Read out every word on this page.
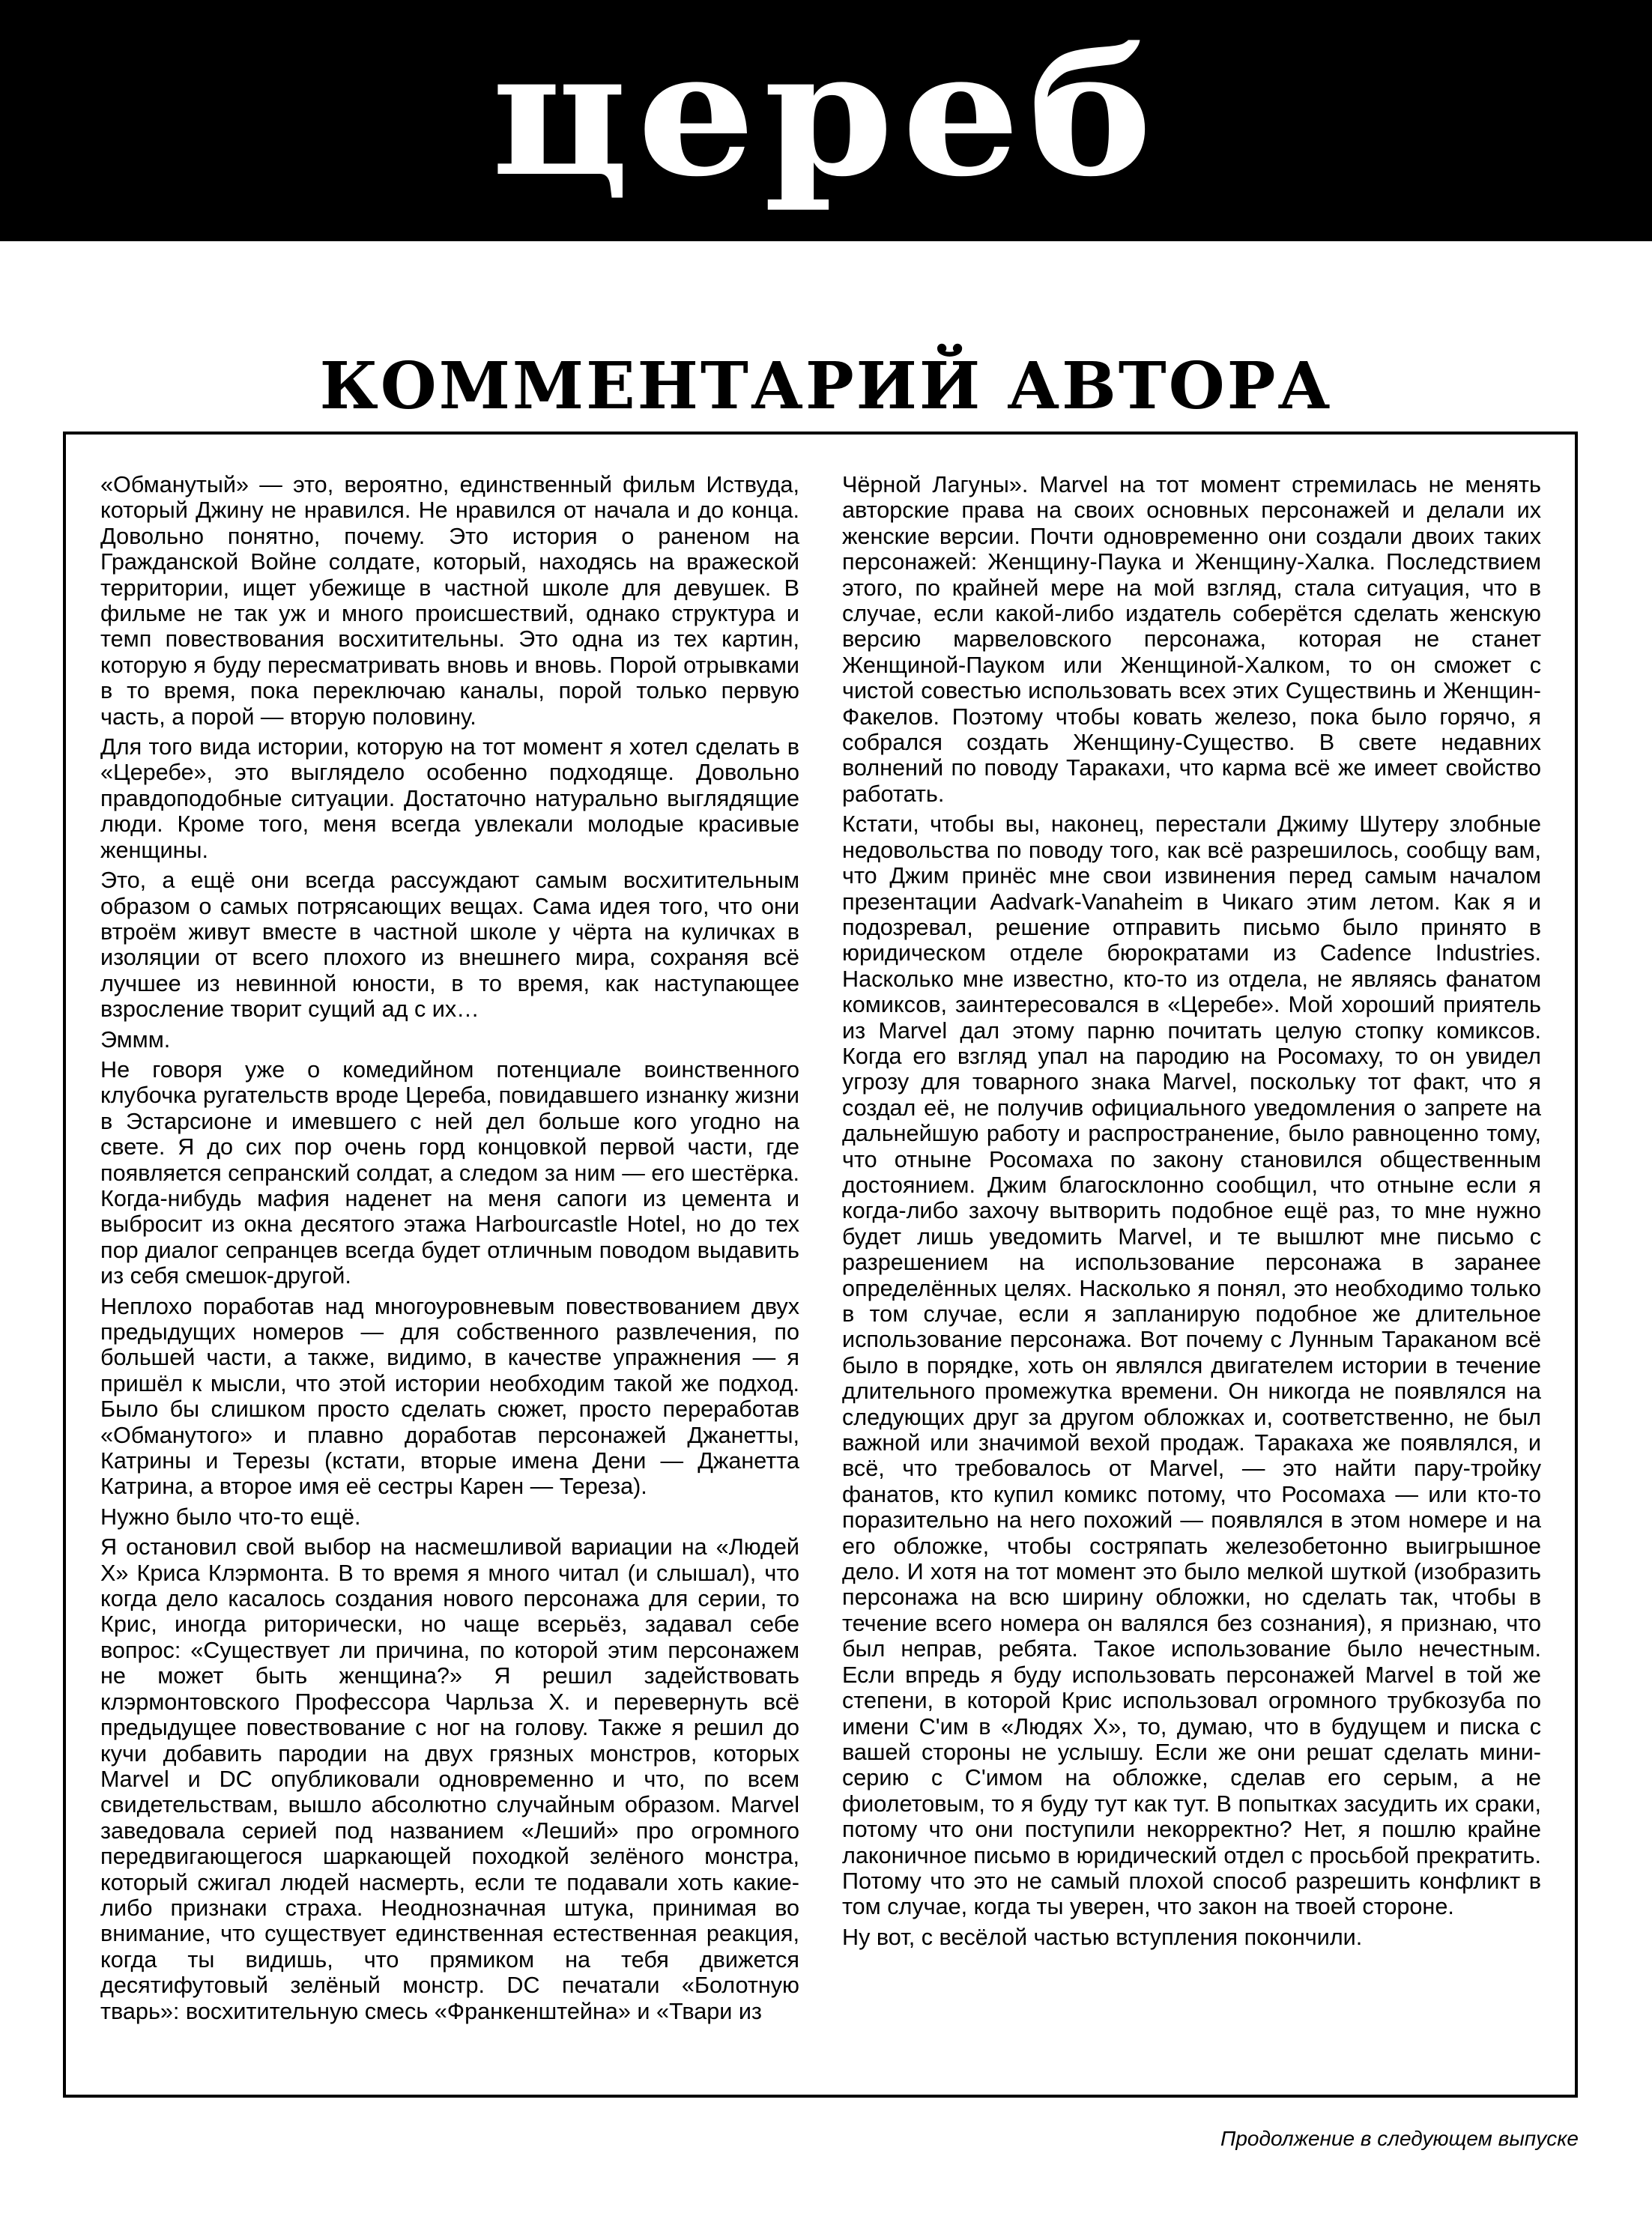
цереб
КОММЕНТАРИЙ АВТОРА

«Обманутый» — это, вероятно, единственный фильм Иствуда, который Джину не нравился. Не нравился от начала и до конца. Довольно понятно, почему. Это история о раненом на Гражданской Войне солдате, который, находясь на вражеской территории, ищет убежище в частной школе для девушек. В фильме не так уж и много происшествий, однако структура и темп повествования восхитительны. Это одна из тех картин, которую я буду пересматривать вновь и вновь. Порой отрывками в то время, пока переключаю каналы, порой только первую часть, а порой — вторую половину.

Для того вида истории, которую на тот момент я хотел сделать в «Церебе», это выглядело особенно подходяще. Довольно правдоподобные ситуации. Достаточно натурально выглядящие люди. Кроме того, меня всегда увлекали молодые красивые женщины.

Это, а ещё они всегда рассуждают самым восхитительным образом о самых потрясающих вещах. Сама идея того, что они втроём живут вместе в частной школе у чёрта на куличках в изоляции от всего плохого из внешнего мира, сохраняя всё лучшее из невинной юности, в то время, как наступающее взросление творит сущий ад с их…

Эммм.

Не говоря уже о комедийном потенциале воинственного клубочка ругательств вроде Цереба, повидавшего изнанку жизни в Эстарсионе и имевшего с ней дел больше кого угодно на свете. Я до сих пор очень горд концовкой первой части, где появляется сепранский солдат, а следом за ним — его шестёрка. Когда-нибудь мафия наденет на меня сапоги из цемента и выбросит из окна десятого этажа Harbourcastle Hotel, но до тех пор диалог сепранцев всегда будет отличным поводом выдавить из себя смешок-другой.

Неплохо поработав над многоуровневым повествованием двух предыдущих номеров — для собственного развлечения, по большей части, а также, видимо, в качестве упражнения — я пришёл к мысли, что этой истории необходим такой же подход. Было бы слишком просто сделать сюжет, просто переработав «Обманутого» и плавно доработав персонажей Джанетты, Катрины и Терезы (кстати, вторые имена Дени — Джанетта Катрина, а второе имя её сестры Карен — Тереза).

Нужно было что-то ещё.

Я остановил свой выбор на насмешливой вариации на «Людей Х» Криса Клэрмонта. В то время я много читал (и слышал), что когда дело касалось создания нового персонажа для серии, то Крис, иногда риторически, но чаще всерьёз, задавал себе вопрос: «Существует ли причина, по которой этим персонажем не может быть женщина?» Я решил задействовать клэрмонтовского Профессора Чарльза Х. и перевернуть всё предыдущее повествование с ног на голову. Также я решил до кучи добавить пародии на двух грязных монстров, которых Marvel и DC опубликовали одновременно и что, по всем свидетельствам, вышло абсолютно случайным образом. Marvel заведовала серией под названием «Леший» про огромного передвигающегося шаркающей походкой зелёного монстра, который сжигал людей насмерть, если те подавали хоть какие-либо признаки страха. Неоднозначная штука, принимая во внимание, что существует единственная естественная реакция, когда ты видишь, что прямиком на тебя движется десятифутовый зелёный монстр. DC печатали «Болотную тварь»: восхитительную смесь «Франкенштейна» и «Твари из

Чёрной Лагуны». Marvel на тот момент стремилась не менять авторские права на своих основных персонажей и делали их женские версии. Почти одновременно они создали двоих таких персонажей: Женщину-Паука и Женщину-Халка. Последствием этого, по крайней мере на мой взгляд, стала ситуация, что в случае, если какой-либо издатель соберётся сделать женскую версию марвеловского персонажа, которая не станет Женщиной-Пауком или Женщиной-Халком, то он сможет с чистой совестью использовать всех этих Существинь и Женщин-Факелов. Поэтому чтобы ковать железо, пока было горячо, я собрался создать Женщину-Существо. В свете недавних волнений по поводу Таракахи, что карма всё же имеет свойство работать.

Кстати, чтобы вы, наконец, перестали Джиму Шутеру злобные недовольства по поводу того, как всё разрешилось, сообщу вам, что Джим принёс мне свои извинения перед самым началом презентации Aadvark-Vanaheim в Чикаго этим летом. Как я и подозревал, решение отправить письмо было принято в юридическом отделе бюрократами из Cadence Industries. Насколько мне известно, кто-то из отдела, не являясь фанатом комиксов, заинтересовался в «Церебе». Мой хороший приятель из Marvel дал этому парню почитать целую стопку комиксов. Когда его взгляд упал на пародию на Росомаху, то он увидел угрозу для товарного знака Marvel, поскольку тот факт, что я создал её, не получив официального уведомления о запрете на дальнейшую работу и распространение, было равноценно тому, что отныне Росомаха по закону становился общественным достоянием. Джим благосклонно сообщил, что отныне если я когда-либо захочу вытворить подобное ещё раз, то мне нужно будет лишь уведомить Marvel, и те вышлют мне письмо с разрешением на использование персонажа в заранее определённых целях. Насколько я понял, это необходимо только в том случае, если я запланирую подобное же длительное использование персонажа. Вот почему с Лунным Тараканом всё было в порядке, хоть он являлся двигателем истории в течение длительного промежутка времени. Он никогда не появлялся на следующих друг за другом обложках и, соответственно, не был важной или значимой вехой продаж. Таракаха же появлялся, и всё, что требовалось от Marvel, — это найти пару-тройку фанатов, кто купил комикс потому, что Росомаха — или кто-то поразительно на него похожий — появлялся в этом номере и на его обложке, чтобы состряпать железобетонно выигрышное дело. И хотя на тот момент это было мелкой шуткой (изобразить персонажа на всю ширину обложки, но сделать так, чтобы в течение всего номера он валялся без сознания), я признаю, что был неправ, ребята. Такое использование было нечестным. Если впредь я буду использовать персонажей Marvel в той же степени, в которой Крис использовал огромного трубкозуба по имени С'им в «Людях Х», то, думаю, что в будущем и писка с вашей стороны не услышу. Если же они решат сделать мини-серию с С'имом на обложке, сделав его серым, а не фиолетовым, то я буду тут как тут. В попытках засудить их сраки, потому что они поступили некорректно? Нет, я пошлю крайне лаконичное письмо в юридический отдел с просьбой прекратить. Потому что это не самый плохой способ разрешить конфликт в том случае, когда ты уверен, что закон на твоей стороне.

Ну вот, с весёлой частью вступления покончили.

Продолжение в следующем выпуске
